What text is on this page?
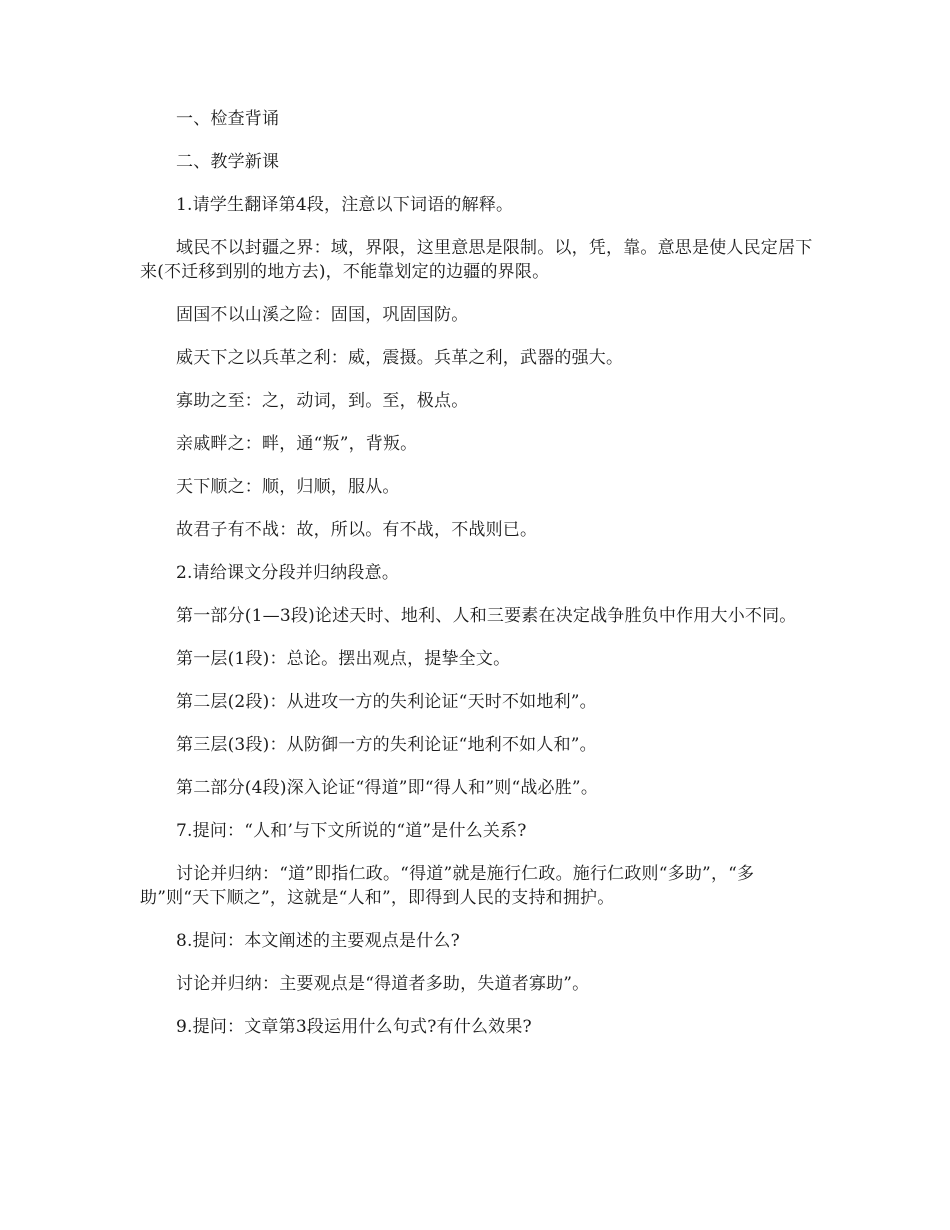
一、检查背诵

二、教学新课

1.请学生翻译第4段，注意以下词语的解释。

域民不以封疆之界：域，界限，这里意思是限制。以，凭，靠。意思是使人民定居下来(不迁移到别的地方去)，不能靠划定的边疆的界限。

固国不以山溪之险：固国，巩固国防。

威天下之以兵革之利：威，震摄。兵革之利，武器的强大。

寡助之至：之，动词，到。至，极点。

亲戚畔之：畔，通“叛”，背叛。

天下顺之：顺，归顺，服从。

故君子有不战：故，所以。有不战，不战则已。

2.请给课文分段并归纳段意。

第一部分(1—3段)论述天时、地利、人和三要素在决定战争胜负中作用大小不同。

第一层(1段)：总论。摆出观点，提挚全文。

第二层(2段)：从进攻一方的失利论证“天时不如地利”。

第三层(3段)：从防御一方的失利论证“地利不如人和”。

第二部分(4段)深入论证“得道”即“得人和”则“战必胜”。

7.提问：“人和’与下文所说的“道”是什么关系?

讨论并归纳：“道”即指仁政。“得道”就是施行仁政。施行仁政则“多助”，“多助”则“天下顺之”，这就是“人和”，即得到人民的支持和拥护。

8.提问：本文阐述的主要观点是什么?

讨论并归纳：主要观点是“得道者多助，失道者寡助”。

9.提问：文章第3段运用什么句式?有什么效果?
